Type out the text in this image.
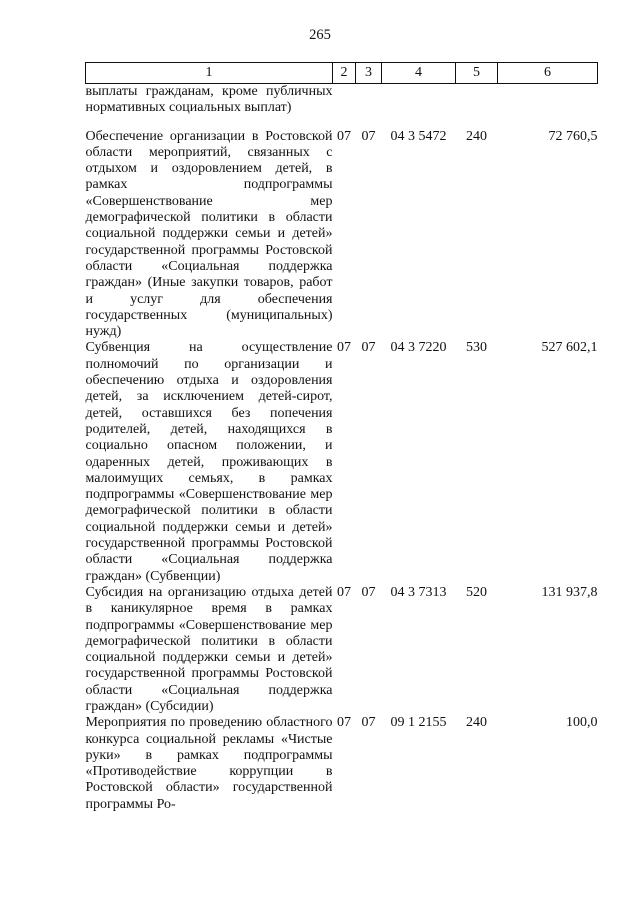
265
1	2	3	4	5	6
выплаты гражданам, кроме публичных нормативных социальных выплат)					
Обеспечение организации в Ростовской области мероприятий, связанных с отдыхом и оздоровлением детей, в рамках подпрограммы «Совершенствование мер демографической политики в области социальной поддержки семьи и детей» государственной программы Ростовской области «Социальная поддержка граждан» (Иные закупки товаров, работ и услуг для обеспечения государственных (муниципальных) нужд)	07	07	04 3 5472	240	72 760,5
Субвенция на осуществление полномочий по организации и обеспечению отдыха и оздоровления детей, за исключением детей-сирот, детей, оставшихся без попечения родителей, детей, находящихся в социально опасном положении, и одаренных детей, проживающих в малоимущих семьях, в рамках подпрограммы «Совершенствование мер демографической политики в области социальной поддержки семьи и детей» государственной программы Ростовской области «Социальная поддержка граждан» (Субвенции)	07	07	04 3 7220	530	527 602,1
Субсидия на организацию отдыха детей в каникулярное время в рамках подпрограммы «Совершенствование мер демографической политики в области социальной поддержки семьи и детей» государственной программы Ростовской области «Социальная поддержка граждан» (Субсидии)	07	07	04 3 7313	520	131 937,8
Мероприятия по проведению областного конкурса социальной рекламы «Чистые руки» в рамках подпрограммы «Противодействие коррупции в Ростовской области» государственной программы Ро-	07	07	09 1 2155	240	100,0
